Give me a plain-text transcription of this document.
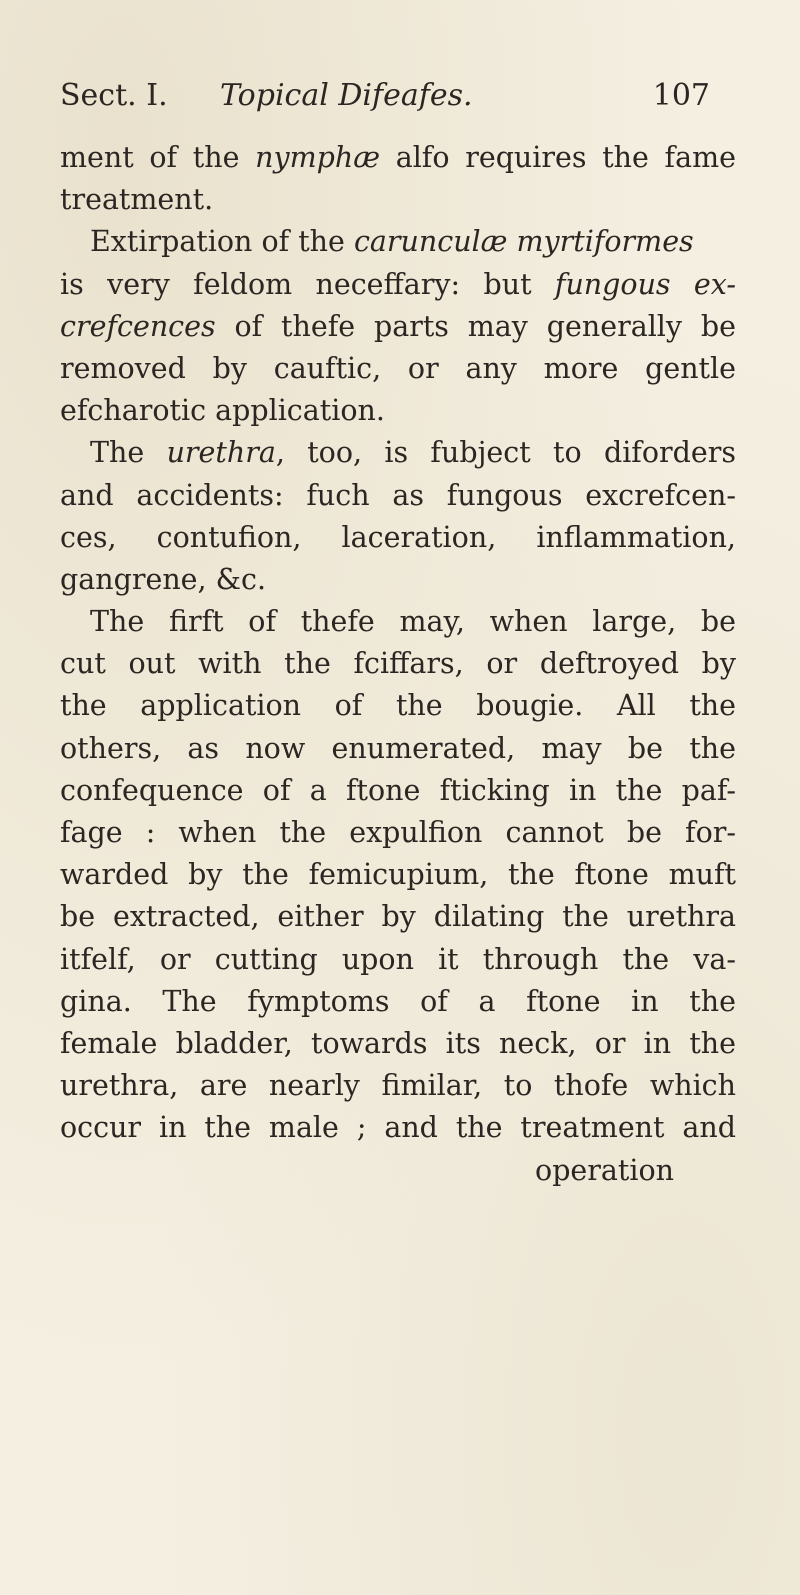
Sect. I. Topical Difeafes.	107
ment of the nymphæ alfo requires the fame
treatment.
Extirpation of the carunculæ myrtiformes
is very feldom neceffary: but fungous ex-
crefcences of thefe parts may generally be
removed by cauftic, or any more gentle
efcharotic application.
The urethra, too, is fubject to diforders
and accidents: fuch as fungous excrefcen-
ces, contufion, laceration, inflammation,
gangrene, &c.
The firft of thefe may, when large, be
cut out with the fciffars, or deftroyed by
the application of the bougie. All the
others, as now enumerated, may be the
confequence of a ftone fticking in the paf-
fage : when the expulfion cannot be for-
warded by the femicupium, the ftone muft
be extracted, either by dilating the urethra
itfelf, or cutting upon it through the va-
gina. The fymptoms of a ftone in the
female bladder, towards its neck, or in the
urethra, are nearly fimilar, to thofe which
occur in the male ; and the treatment and
operation
